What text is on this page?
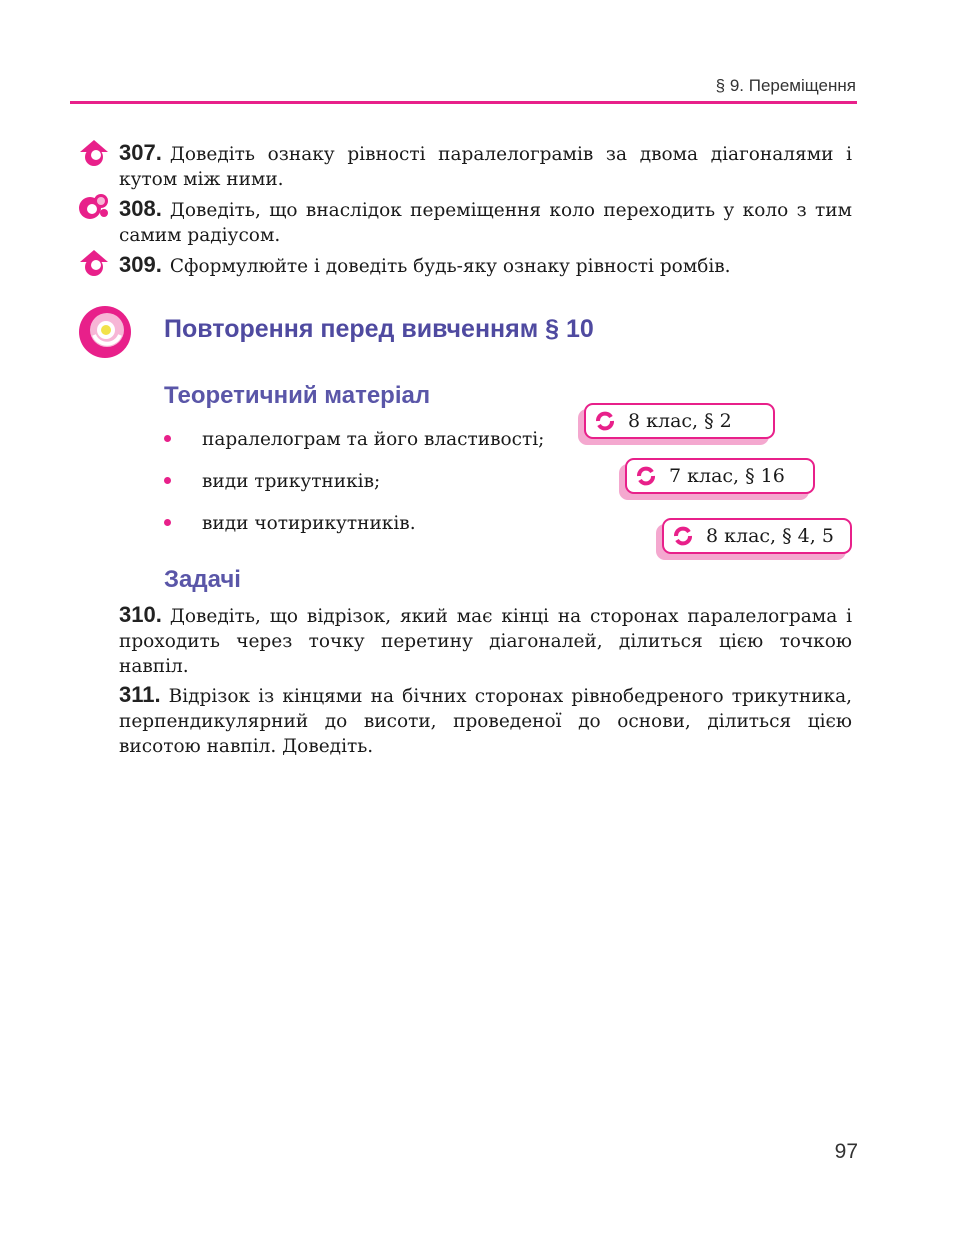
§ 9. Переміщення
307. Доведіть ознаку рівності паралелограмів за двома діагоналями і кутом між ними.
308. Доведіть, що внаслідок переміщення коло переходить у коло з тим самим радіусом.
309. Сформулюйте і доведіть будь-яку ознаку рівності ромбів.
Повторення перед вивченням § 10
Теоретичний матеріал
паралелограм та його властивості;
види трикутників;
види чотирикутників.
8 клас, § 2
7 клас, § 16
8 клас, § 4, 5
Задачі
310. Доведіть, що відрізок, який має кінці на сторонах паралелограма і проходить через точку перетину діагоналей, ділиться цією точкою навпіл.
311. Відрізок із кінцями на бічних сторонах рівнобедреного трикутника, перпендикулярний до висоти, проведеної до основи, ділиться цією висотою навпіл. Доведіть.
97
